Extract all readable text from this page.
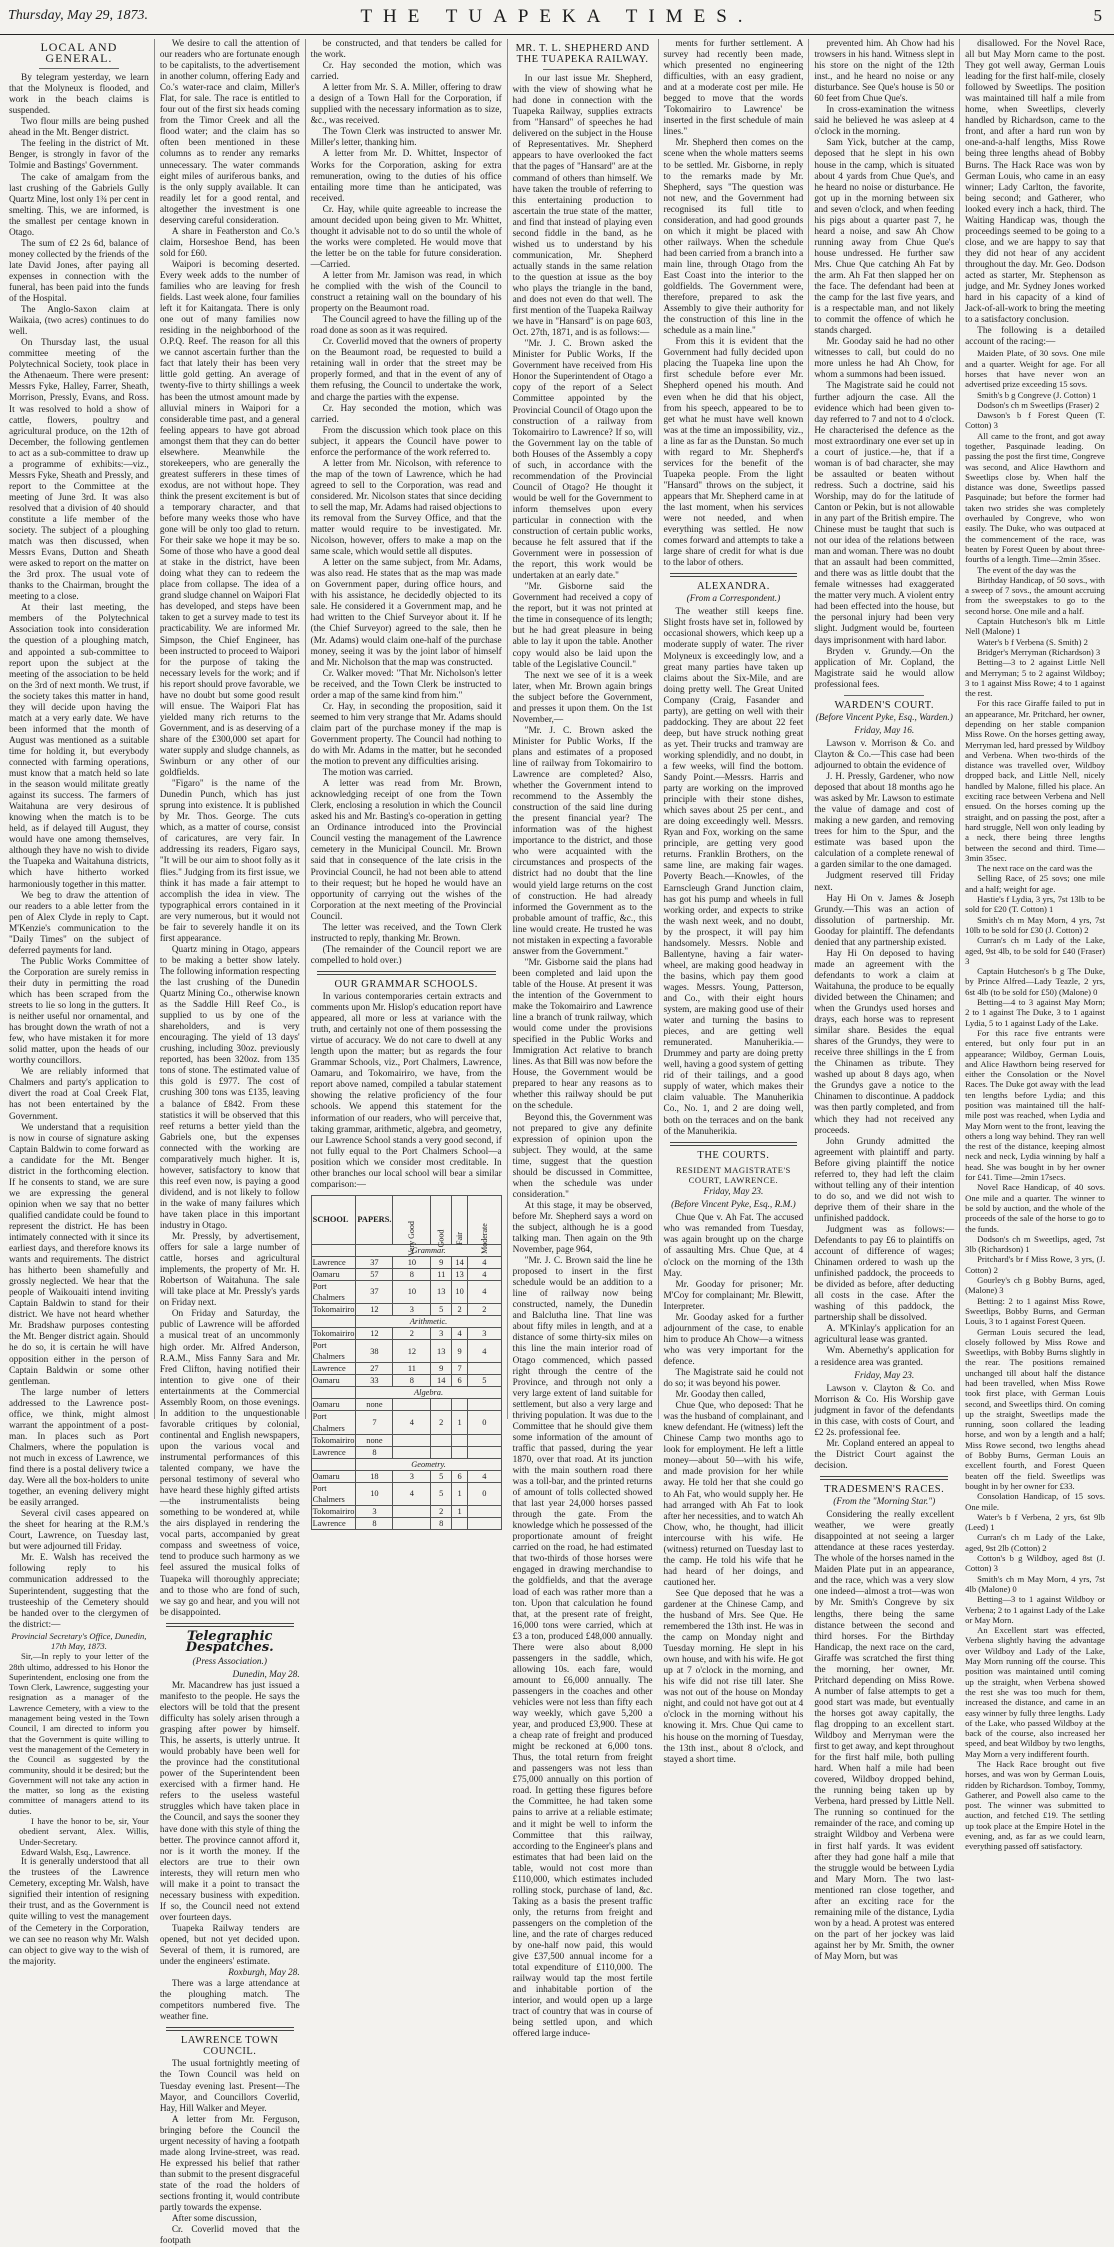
Thursday, May 29, 1873.	THE TUAPEKA TIMES.	5
LOCAL AND GENERAL.

By telegram yesterday, we learn that the Molyneux is flooded, and work in the beach claims is suspended.

Two flour mills are being pushed ahead in the Mt. Benger district.

The feeling in the district of Mt. Benger, is strongly in favor of the Tolmie and Bastings' Government.

The cake of amalgam from the last crushing of the Gabriels Gully Quartz Mine, lost only 1¾ per cent in smelting. This, we are informed, is the smallest per centage known in Otago.

The sum of £2 2s 6d, balance of money collected by the friends of the late David Jones, after paying all expenses in connection with the funeral, has been paid into the funds of the Hospital.

The Anglo-Saxon claim at Waikaia, (two acres) continues to do well.

On Thursday last, the usual committee meeting of the Polytechnical Society, took place in the Athenaeum. There were present: Messrs Fyke, Halley, Farrer, Sheath, Morrison, Pressly, Evans, and Ross. It was resolved to hold a show of cattle, flowers, poultry and agricultural produce, on the 12th of December, the following gentlemen to act as a sub-committee to draw up a programme of exhibits:—viz., Messrs Fyke, Sheath and Pressly, and report to the Committee at the meeting of June 3rd. It was also resolved that a division of 40 should constitute a life member of the society. The subject of a ploughing match was then discussed, when Messrs Evans, Dutton and Sheath were asked to report on the matter on the 3rd prox. The usual vote of thanks to the Chairman, brought the meeting to a close.

At their last meeting, the members of the Polytechnical Association took into consideration the question of a ploughing match, and appointed a sub-committee to report upon the subject at the meeting of the association to be held on the 3rd of next month. We trust, if the society takes this matter in hand, they will decide upon having the match at a very early date. We have been informed that the month of August was mentioned as a suitable time for holding it, but everybody connected with farming operations, must know that a match held so late in the season would militate greatly against its success. The farmers of Waitahuna are very desirous of knowing when the match is to be held, as if delayed till August, they would have one among themselves, although they have no wish to divide the Tuapeka and Waitahuna districts, which have hitherto worked harmoniously together in this matter.

We beg to draw the attention of our readers to a able letter from the pen of Alex Clyde in reply to Capt. M'Kenzie's communication to the "Daily Times" on the subject of deferred payments for land.

The Public Works Committee of the Corporation are surely remiss in their duty in permitting the road which has been scraped from the streets to lie so long in the gutters. It is neither useful nor ornamental, and has brought down the wrath of not a few, who have mistaken it for more solid matter, upon the heads of our worthy councillors.

We are reliably informed that Chalmers and party's application to divert the road at Coal Creek Flat, has not been entertained by the Government.

We understand that a requisition is now in course of signature asking Captain Baldwin to come forward as a candidate for the Mt. Benger district in the forthcoming election. If he consents to stand, we are sure we are expressing the general opinion when we say that no better qualified candidate could be found to represent the district. He has been intimately connected with it since its earliest days, and therefore knows its wants and requirements. The district has hitherto been shamefully and grossly neglected. We hear that the people of Waikouaiti intend inviting Captain Baldwin to stand for their district. We have not heard whether Mr. Bradshaw purposes contesting the Mt. Benger district again. Should he do so, it is certain he will have opposition either in the person of Captain Baldwin or some other gentleman.

The large number of letters addressed to the Lawrence post-office, we think, might almost warrant the appointment of a post-man. In places such as Port Chalmers, where the population is not much in excess of Lawrence, we find there is a postal delivery twice a day. Were all the box-holders to unite together, an evening delivery might be easily arranged.

Several civil cases appeared on the sheet for hearing at the R.M.'s Court, Lawrence, on Tuesday last, but were adjourned till Friday.

Mr. E. Walsh has received the following reply to his communication addressed to the Superintendent, suggesting that the trusteeship of the Cemetery should be handed over to the clergymen of the district:—

Provincial Secretary's Office, Dunedin, 17th May, 1873.

Sir,—In reply to your letter of the 28th ultimo, addressed to his Honor the Superintendent, enclosing one from the Town Clerk, Lawrence, suggesting your resignation as a manager of the Lawrence Cemetery, with a view to the management being vested in the Town Council, I am directed to inform you that the Government is quite willing to vest the management of the Cemetery in the Council as suggested by the community, should it be desired; but the Government will not take any action in the matter, so long as the existing committee of managers attend to its duties.

I have the honor to be, sir, Your obedient servant, Alex. Willis, Under-Secretary.

Edward Walsh, Esq., Lawrence.

It is generally understood that all the trustees of the Lawrence Cemetery, excepting Mr. Walsh, have signified their intention of resigning their trust, and as the Government is quite willing to vest the management of the Cemetery in the Corporation, we can see no reason why Mr. Walsh can object to give way to the wish of the majority.

We desire to call the attention of our readers who are fortunate enough to be capitalists, to the advertisement in another column, offering Eady and Co.'s water-race and claim, Miller's Flat, for sale. The race is entitled to four out of the first six heads coming from the Timor Creek and all the flood water; and the claim has so often been mentioned in these columns as to render any remarks unnecessary. The water commands eight miles of auriferous banks, and is the only supply available. It can readily let for a good rental, and altogether the investment is one deserving careful consideration.

A share in Featherston and Co.'s claim, Horseshoe Bend, has been sold for £60.

Waipori is becoming deserted. Every week adds to the number of families who are leaving for fresh fields. Last week alone, four families left it for Kaitangata. There is only one out of many families now residing in the neighborhood of the O.P.Q. Reef. The reason for all this we cannot ascertain further than the fact that lately their has been very little gold getting. An average of twenty-five to thirty shillings a week has been the utmost amount made by alluvial miners in Waipori for a considerable time past, and a general feeling appears to have got abroad amongst them that they can do better elsewhere. Meanwhile the storekeepers, who are generally the greatest sufferers in these times of exodus, are not without hope. They think the present excitement is but of a temporary character, and that before many weeks those who have gone will be only too glad to return. For their sake we hope it may be so. Some of those who have a good deal at stake in the district, have been doing what they can to redeem the place from collapse. The idea of a grand sludge channel on Waipori Flat has developed, and steps have been taken to get a survey made to test its practicability. We are informed Mr. Simpson, the Chief Engineer, has been instructed to proceed to Waipori for the purpose of taking the necessary levels for the work; and if his report should prove favorable, we have no doubt but some good result will ensue. The Waipori Flat has yielded many rich returns to the Government, and is as deserving of a share of the £300,000 set apart for water supply and sludge channels, as Swinburn or any other of our goldfields.

"Figaro" is the name of the Dunedin Punch, which has just sprung into existence. It is published by Mr. Thos. George. The cuts which, as a matter of course, consist of caricatures, are very fair. In addressing its readers, Figaro says, "It will be our aim to shoot folly as it flies." Judging from its first issue, we think it has made a fair attempt to accomplish the idea in view. The typographical errors contained in it are very numerous, but it would not be fair to severely handle it on its first appearance.

Quartz mining in Otago, appears to be making a better show lately. The following information respecting the last crushing of the Dunedin Quartz Mining Co., otherwise known as the Saddle Hill Reef Co., is supplied to us by one of the shareholders, and is very encouraging. The yield of 13 days' crushing, including 30oz. previously reported, has been 320oz. from 135 tons of stone. The estimated value of this gold is £977. The cost of crushing 300 tons was £135, leaving a balance of £842. From these statistics it will be observed that this reef returns a better yield than the Gabriels one, but the expenses connected with the working are comparatively much higher. It is, however, satisfactory to know that this reef even now, is paying a good dividend, and is not likely to follow in the wake of many failures which have taken place in this important industry in Otago.

Mr. Pressly, by advertisement, offers for sale a large number of cattle, horses and agricultural implements, the property of Mr. H. Robertson of Waitahuna. The sale will take place at Mr. Pressly's yards on Friday next.

On Friday and Saturday, the public of Lawrence will be afforded a musical treat of an uncommonly high order. Mr. Alfred Anderson, R.A.M., Miss Fanny Sara and Mr. Fred Clifton, having notified their intention to give one of their entertainments at the Commercial Assembly Room, on those evenings. In addition to the unquestionable favorable critiques by colonial, continental and English newspapers, upon the various vocal and instrumental performances of this talented company, we have the personal testimony of several who have heard these highly gifted artists—the instrumentalists being something to be wondered at, while the airs displayed in rendering the vocal parts, accompanied by great compass and sweetness of voice, tend to produce such harmony as we feel assured the musical folks of Tuapeka will thoroughly appreciate; and to those who are fond of such, we say go and hear, and you will not be disappointed.

Telegraphic Despatches.
(Press Association.)

Dunedin, May 28.

Mr. Macandrew has just issued a manifesto to the people. He says the electors will be told that the present difficulty has solely arisen through a grasping after power by himself. This, he asserts, is utterly untrue. It would probably have been well for the province had the constitutional power of the Superintendent been exercised with a firmer hand. He refers to the useless wasteful struggles which have taken place in the Council, and says the sooner they have done with this style of thing the better. The province cannot afford it, nor is it worth the money. If the electors are true to their own interests, they will return men who will make it a point to transact the necessary business with expedition. If so, the Council need not extend over fourteen days.

Tuapeka Railway tenders are opened, but not yet decided upon. Several of them, it is rumored, are under the engineers' estimate.

Roxburgh, May 28.

There was a large attendance at the ploughing match. The competitors numbered five. The weather fine.

LAWRENCE TOWN COUNCIL.

The usual fortnightly meeting of the Town Council was held on Tuesday evening last. Present—The Mayor, and Councillors Coverlid, Hay, Hill Walker and Meyer.

A letter from Mr. Ferguson, bringing before the Council the urgent necessity of having a footpath made along Irvine-street, was read. He expressed his belief that rather than submit to the present disgraceful state of the road the holders of sections fronting it, would contribute partly towards the expense.

After some discussion,

Cr. Coverlid moved that the footpath

be constructed, and that tenders be called for the work.

Cr. Hay seconded the motion, which was carried.

A letter from Mr. S. A. Miller, offering to draw a design of a Town Hall for the Corporation, if supplied with the necessary information as to size, &c., was received.

The Town Clerk was instructed to answer Mr. Miller's letter, thanking him.

A letter from Mr. D. Whittet, Inspector of Works for the Corporation, asking for extra remuneration, owing to the duties of his office entailing more time than he anticipated, was received.

Cr. Hay, while quite agreeable to increase the amount decided upon being given to Mr. Whittet, thought it advisable not to do so until the whole of the works were completed. He would move that the letter be on the table for future consideration.—Carried.

A letter from Mr. Jamison was read, in which he complied with the wish of the Council to construct a retaining wall on the boundary of his property on the Beaumont road.

The Council agreed to have the filling up of the road done as soon as it was required.

Cr. Coverlid moved that the owners of property on the Beaumont road, be requested to build a retaining wall in order that the street may be properly formed, and that in the event of any of them refusing, the Council to undertake the work, and charge the parties with the expense.

Cr. Hay seconded the motion, which was carried.

From the discussion which took place on this subject, it appears the Council have power to enforce the performance of the work referred to.

A letter from Mr. Nicolson, with reference to the map of the town of Lawrence, which he had agreed to sell to the Corporation, was read and considered. Mr. Nicolson states that since deciding to sell the map, Mr. Adams had raised objections to its removal from the Survey Office, and that the matter would require to be investigated. Mr. Nicolson, however, offers to make a map on the same scale, which would settle all disputes.

A letter on the same subject, from Mr. Adams, was also read. He states that as the map was made on Government paper, during office hours, and with his assistance, he decidedly objected to its sale. He considered it a Government map, and he had written to the Chief Surveyor about it. If he (the Chief Surveyor) agreed to the sale, then he (Mr. Adams) would claim one-half of the purchase money, seeing it was by the joint labor of himself and Mr. Nicholson that the map was constructed.

Cr. Walker moved: "That Mr. Nicholson's letter be received, and the Town Clerk be instructed to order a map of the same kind from him."

Cr. Hay, in seconding the proposition, said it seemed to him very strange that Mr. Adams should claim part of the purchase money if the map is Government property. The Council had nothing to do with Mr. Adams in the matter, but he seconded the motion to prevent any difficulties arising.

The motion was carried.

A letter was read from Mr. Brown, acknowledging receipt of one from the Town Clerk, enclosing a resolution in which the Council asked his and Mr. Basting's co-operation in getting an Ordinance introduced into the Provincial Council vesting the management of the Lawrence cemetery in the Municipal Council. Mr. Brown said that in consequence of the late crisis in the Provincial Council, he had not been able to attend to their request; but he hoped he would have an opportunity of carrying out the wishes of the Corporation at the next meeting of the Provincial Council.

The letter was received, and the Town Clerk instructed to reply, thanking Mr. Brown.

(The remainder of the Council report we are compelled to hold over.)

OUR GRAMMAR SCHOOLS.

In various contemporaries certain extracts and comments upon Mr. Hislop's education report have appeared, all more or less at variance with the truth, and certainly not one of them possessing the virtue of accuracy. We do not care to dwell at any length upon the matter; but as regards the four Grammar Schools, viz., Port Chalmers, Lawrence, Oamaru, and Tokomairiro, we have, from the report above named, compiled a tabular statement showing the relative proficiency of the four schools. We append this statement for the information of our readers, who will perceive that, taking grammar, arithmetic, algebra, and geometry, our Lawrence School stands a very good second, if not fully equal to the Port Chalmers School—a position which we consider most creditable. In other branches our local school will bear a similar comparison:—

SCHOOL	PAPERS.	Very Good	Good	Fair	Moderate
	Grammar.				
Lawrence	37	10	9	14	4
Oamaru	57	8	11	13	4
Port Chalmers	37	10	13	10	4
Tokomairiro	12	3	5	2	2
	Arithmetic.				
Tokomairiro	12	2	3	4	3
Port Chalmers	38	12	13	9	4
Lawrence	27	11	9	7	
Oamaru	33	8	14	6	5
	Algebra.				
Oamaru	none				
Port Chalmers	7	4	2	1	0
Tokomairiro	none				
Lawrence	8				
	Geometry.				
Oamaru	18	3	5	6	4
Port Chalmers	10	4	5	1	0
Tokomairiro	3		2	1	
Lawrence	8		8		
MR. T. L. SHEPHERD AND THE TUAPEKA RAILWAY.

In our last issue Mr. Shepherd, with the view of showing what he had done in connection with the Tuapeka Railway, supplies extracts from "Hansard" of speeches he had delivered on the subject in the House of Representatives. Mr. Shepherd appears to have overlooked the fact that the pages of "Hansard" are at the command of others than himself. We have taken the trouble of referring to this entertaining production to ascertain the true state of the matter, and find that instead of playing even second fiddle in the band, as he wished us to understand by his communication, Mr. Shepherd actually stands in the same relation to the question at issue as the boy who plays the triangle in the band, and does not even do that well. The first mention of the Tuapeka Railway we have in "Hansard" is on page 603, Oct. 27th, 1871, and is as follows:—

"Mr. J. C. Brown asked the Minister for Public Works, If the Government have received from His Honor the Superintendent of Otago a copy of the report of a Select Committee appointed by the Provincial Council of Otago upon the construction of a railway from Tokomairiro to Lawrence? If so, will the Government lay on the table of both Houses of the Assembly a copy of such, in accordance with the recommendation of the Provincial Council of Otago? He thought it would be well for the Government to inform themselves upon every particular in connection with the construction of certain public works, because he felt assured that if the Government were in possession of the report, this work would be undertaken at an early date."

"Mr. Gisborne said the Government had received a copy of the report, but it was not printed at the time in consequence of its length; but he had great pleasure in being able to lay it upon the table. Another copy would also be laid upon the table of the Legislative Council."

The next we see of it is a week later, when Mr. Brown again brings the subject before the Government, and presses it upon them. On the 1st November,—

"Mr. J. C. Brown asked the Minister for Public Works, If the plans and estimates of a proposed line of railway from Tokomairiro to Lawrence are completed? Also, whether the Government intend to recommend to the Assembly the construction of the said line during the present financial year? The information was of the highest importance to the district, and those who were acquainted with the circumstances and prospects of the district had no doubt that the line would yield large returns on the cost of construction. He had already informed the Government as to the probable amount of traffic, &c., this line would create. He trusted he was not mistaken in expecting a favorable answer from the Government."

"Mr. Gisborne said the plans had been completed and laid upon the table of the House. At present it was the intention of the Government to make the Tokomairiro and Lawrence line a branch of trunk railway, which would come under the provisions specified in the Public Works and Immigration Act relative to branch lines. As that Bill was now before the House, the Government would be prepared to hear any reasons as to whether this railway should be put on the schedule.

Beyond this, the Government was not prepared to give any definite expression of opinion upon the subject. They would, at the same time, suggest that the question should be discussed in Committee, when the schedule was under consideration."

At this stage, it may be observed, before Mr. Shepherd says a word on the subject, although he is a good talking man. Then again on the 9th November, page 964,

"Mr. J. C. Brown said the line he proposed to insert in the first schedule would be an addition to a line of railway now being constructed, namely, the Dunedin and Balclutha line. That line was about fifty miles in length, and at a distance of some thirty-six miles on this line the main interior road of Otago commenced, which passed right through the centre of the Province, and through not only a very large extent of land suitable for settlement, but also a very large and thriving population. It was due to the Committee that he should give them some information of the amount of traffic that passed, during the year 1870, over that road. At its junction with the main southern road there was a toll-bar, and the printed returns of amount of tolls collected showed that last year 24,000 horses passed through the gate. From the knowledge which he possessed of the proportionate amount of freight carried on the road, he had estimated that two-thirds of those horses were engaged in drawing merchandise to the goldfields, and that the average load of each was rather more than a ton. Upon that calculation he found that, at the present rate of freight, 16,000 tons were carried, which at £3 a ton, produced £48,000 annually. There were also about 8,000 passengers in the saddle, which, allowing 10s. each fare, would amount to £6,000 annually. The passengers in the coaches and other vehicles were not less than fifty each way weekly, which gave 5,200 a year, and produced £3,900. These at a cheap rate of freight and produced might be reckoned at 6,000 tons. Thus, the total return from freight and passengers was not less than £75,000 annually on this portion of road. In getting these figures before the Committee, he had taken some pains to arrive at a reliable estimate; and it might be well to inform the Committee that this railway, according to the Engineer's plans and estimates that had been laid on the table, would not cost more than £110,000, which estimates included rolling stock, purchase of land, &c. Taking as a basis the present traffic only, the returns from freight and passengers on the completion of the line, and the rate of charges reduced by one-half now paid, this would give £37,500 annual income for a total expenditure of £110,000. The railway would tap the most fertile and inhabitable portion of the interior, and would open up a large tract of country that was in course of being settled upon, and which offered large induce-

ments for further settlement. A survey had recently been made, which presented no engineering difficulties, with an easy gradient, and at a moderate cost per mile. He begged to move that the words 'Tokomairiro to Lawrence' be inserted in the first schedule of main lines."

Mr. Shepherd then comes on the scene when the whole matters seems to be settled. Mr. Gisborne, in reply to the remarks made by Mr. Shepherd, says "The question was not new, and the Government had recognised its full title to consideration, and had good grounds on which it might be placed with other railways. When the schedule had been carried from a branch into a main line, through Otago from the East Coast into the interior to the goldfields. The Government were, therefore, prepared to ask the Assembly to give their authority for the construction of this line in the schedule as a main line."

From this it is evident that the Government had fully decided upon placing the Tuapeka line upon the first schedule before ever Mr. Shepherd opened his mouth. And even when he did that his object, from his speech, appeared to be to get what he must have well known was at the time an impossibility, viz., a line as far as the Dunstan. So much with regard to Mr. Shepherd's services for the benefit of the Tuapeka people. From the light "Hansard" throws on the subject, it appears that Mr. Shepherd came in at the last moment, when his services were not needed, and when everything was settled. He now comes forward and attempts to take a large share of credit for what is due to the labor of others.

ALEXANDRA.
(From a Correspondent.)

The weather still keeps fine. Slight frosts have set in, followed by occasional showers, which keep up a moderate supply of water. The river Molyneux is exceedingly low, and a great many parties have taken up claims about the Six-Mile, and are doing pretty well. The Great United Company (Craig, Fasander and party), are getting on well with their paddocking. They are about 22 feet deep, but have struck nothing great as yet. Their trucks and tramway are working splendidly, and no doubt, in a few weeks, will find the bottom. Sandy Point.—Messrs. Harris and party are working on the improved principle with their stone dishes, which saves about 25 per cent., and are doing exceedingly well. Messrs. Ryan and Fox, working on the same principle, are getting very good returns. Franklin Brothers, on the same line, are making fair wages. Poverty Beach.—Knowles, of the Earnscleugh Grand Junction claim, has got his pump and wheels in full working order, and expects to strike the wash next week, and no doubt, by the prospect, it will pay him handsomely. Messrs. Noble and Ballentyne, having a fair water-wheel, are making good headway in the basins, which pay them good wages. Messrs. Young, Patterson, and Co., with their eight hours system, are making good use of their water and turning the basins to pieces, and are getting well remunerated. Manuherikia.—Drummey and party are doing pretty well, having a good system of getting rid of their tailings, and a good supply of water, which makes their claim valuable. The Manuherikia Co., No. 1, and 2 are doing well, both on the terraces and on the bank of the Manuherikia.

THE COURTS.
RESIDENT MAGISTRATE'S COURT, LAWRENCE.
Friday, May 23.
(Before Vincent Pyke, Esq., R.M.)

Chue Que v. Ah Fat. The accused who was remanded from Tuesday, was again brought up on the charge of assaulting Mrs. Chue Que, at 4 o'clock on the morning of the 13th May.

Mr. Gooday for prisoner; Mr. M'Coy for complainant; Mr. Blewitt, Interpreter.

Mr. Gooday asked for a further adjournment of the case, to enable him to produce Ah Chow—a witness who was very important for the defence.

The Magistrate said he could not do so; it was beyond his power.

Mr. Gooday then called,

Chue Que, who deposed: That he was the husband of complainant, and knew defendant. He (witness) left the Chinese Camp two months ago to look for employment. He left a little money—about 50—with his wife, and made provision for her while away. He told her that she could go to Ah Fat, who would supply her. He had arranged with Ah Fat to look after her necessities, and to watch Ah Chow, who, he thought, had illicit intercourse with his wife. He (witness) returned on Tuesday last to the camp. He told his wife that he had heard of her doings, and cautioned her.

See Que deposed that he was a gardener at the Chinese Camp, and the husband of Mrs. See Que. He remembered the 13th inst. He was in the camp on Monday night and Tuesday morning. He slept in his own house, and with his wife. He got up at 7 o'clock in the morning, and his wife did not rise till later. She was not out of the house on Monday night, and could not have got out at 4 o'clock in the morning without his knowing it. Mrs. Chue Qui came to his house on the morning of Tuesday, the 13th inst., about 8 o'clock, and stayed a short time.

prevented him. Ah Chow had his trowsers in his hand. Witness slept in his store on the night of the 12th inst., and he heard no noise or any disturbance. See Que's house is 50 or 60 feet from Chue Que's.

In cross-examination the witness said he believed he was asleep at 4 o'clock in the morning.

Sam Yick, butcher at the camp, deposed that he slept in his own house in the camp, which is situated about 4 yards from Chue Que's, and he heard no noise or disturbance. He got up in the morning between six and seven o'clock, and when feeding his pigs about a quarter past 7, he heard a noise, and saw Ah Chow running away from Chue Que's house undressed. He further saw Mrs. Chue Que catching Ah Fat by the arm. Ah Fat then slapped her on the face. The defendant had been at the camp for the last five years, and is a respectable man, and not likely to commit the offence of which he stands charged.

Mr. Gooday said he had no other witnesses to call, but could do no more unless he had Ah Chow, for whom a summons had been issued.

The Magistrate said he could not further adjourn the case. All the evidence which had been given to-day referred to 7 and not to 4 o'clock. He characterised the defence as the most extraordinary one ever set up in a court of justice.—he, that if a woman is of bad character, she may be assaulted or beaten without redress. Such a doctrine, said his Worship, may do for the latitude of Canton or Pekin, but is not allowable in any part of the British empire. The Chinese must be taught that such is not our idea of the relations between man and woman. There was no doubt that an assault had been committed, and there was as little doubt that the female witnesses had exaggerated the matter very much. A violent entry had been effected into the house, but the personal injury had been very slight. Judgment would be, fourteen days imprisonment with hard labor.

Bryden v. Grundy.—On the application of Mr. Copland, the Magistrate said he would allow professional fees.

WARDEN'S COURT.
(Before Vincent Pyke, Esq., Warden.)
Friday, May 16.

Lawson v. Morrison & Co. and Clayton & Co.—This case had been adjourned to obtain the evidence of

J. H. Pressly, Gardener, who now deposed that about 18 months ago he was asked by Mr. Lawson to estimate the value of damage and cost of making a new garden, and removing trees for him to the Spur, and the estimate was based upon the calculation of a complete renewal of a garden similar to the one damaged.

Judgment reserved till Friday next.

Hay Hi On v. James & Joseph Grundy.—This was an action of dissolution of partnership. Mr. Gooday for plaintiff. The defendants denied that any partnership existed.

Hay Hi On deposed to having made an agreement with the defendants to work a claim at Waitahuna, the produce to be equally divided between the Chinamen; and when the Grundys used horses and drays, each horse was to represent similar share. Besides the equal shares of the Grundys, they were to receive three shillings in the £ from the Chinamen as tribute. They washed up about 8 days ago, when the Grundys gave a notice to the Chinamen to discontinue. A paddock was then partly completed, and from which they had not received any proceeds.

John Grundy admitted the agreement with plaintiff and party. Before giving plaintiff the notice referred to, they had left the claim without telling any of their intention to do so, and we did not wish to deprive them of their share in the unfinished paddock.

Judgment was as follows:—Defendants to pay £6 to plaintiffs on account of difference of wages; Chinamen ordered to wash up the unfinished paddock, the proceeds to be divided as before, after deducting all costs in the case. After the washing of this paddock, the partnership shall be dissolved.

A. M'Kinlay's application for an agricultural lease was granted.

Wm. Abernethy's application for a residence area was granted.

Friday, May 23.

Lawson v. Clayton & Co. and Morrison & Co. His Worship gave judgment in favor of the defendants in this case, with costs of Court, and £2 2s. professional fee.

Mr. Copland entered an appeal to the District Court against the decision.

TRADESMEN'S RACES.
(From the "Morning Star.")

Considering the really excellent weather, we were greatly disappointed at not seeing a larger attendance at these races yesterday. The whole of the horses named in the Maiden Plate put in an appearance, and the race, which was a very slow one indeed—almost a trot—was won by Mr. Smith's Congreve by six lengths, there being the same distance between the second and third horses. For the Birthday Handicap, the next race on the card, Giraffe was scratched the first thing the morning, her owner, Mr. Pritchard depending on Miss Rowe. A number of false attempts to get a good start was made, but eventually the horses got away capitally, the flag dropping to an excellent start. Wildboy and Merryman were the first to get away, and kept throughout for the first half mile, both pulling hard. When half a mile had been covered, Wildboy dropped behind, the running being taken up by Verbena, hard pressed by Little Nell. The running so continued for the remainder of the race, and coming up straight Wildboy and Verbena were in first half yards. It was evident after they had gone half a mile that the struggle would be between Lydia and Mary Morn. The two last-mentioned ran close together, and after an exciting race for the remaining mile of the distance, Lydia won by a head. A protest was entered on the part of her jockey was laid against her by Mr. Smith, the owner of May Morn, but was

disallowed. For the Novel Race, all but May Morn came to the post. They got well away, German Louis leading for the first half-mile, closely followed by Sweetlips. The position was maintained till half a mile from home, when Sweetlips, cleverly handled by Richardson, came to the front, and after a hard run won by one-and-a-half lengths, Miss Rowe being three lengths ahead of Bobby Burns. The Hack Race was won by German Louis, who came in an easy winner; Lady Carlton, the favorite, being second; and Gatherer, who looked every inch a hack, third. The Waiting Handicap was, though the proceedings seemed to be going to a close, and we are happy to say that they did not hear of any accident throughout the day. Mr. Geo. Dodson acted as starter, Mr. Stephenson as judge, and Mr. Sydney Jones worked hard in his capacity of a kind of Jack-of-all-work to bring the meeting to a satisfactory conclusion.

The following is a detailed account of the racing:—

Maiden Plate, of 30 sovs. One mile and a quarter. Weight for age. For all horses that have never won an advertised prize exceeding 15 sovs.

Smith's b g Congreve (J. Cotton) 1

Dodson's ch m Sweetlips (Fraser) 2

Dawson's b f Forest Queen (T. Cotton) 3

All came to the front, and got away together, Pasquinade leading. On passing the post the first time, Congreve was second, and Alice Hawthorn and Sweetlips close by. When half the distance was done, Sweetlips passed Pasquinade; but before the former had taken two strides she was completely overhauled by Congreve, who won easily. The Duke, who was outpaced at the commencement of the race, was beaten by Forest Queen by about three-fourths of a length. Time—2min 35sec.

The event of the day was the

Birthday Handicap, of 50 sovs., with a sweep of 7 sovs., the amount accruing from the sweepstakes to go to the second horse. One mile and a half.

Captain Hutcheson's blk m Little Nell (Malone) 1

Water's b f Verbena (S. Smith) 2

Bridger's Merryman (Richardson) 3

Betting—3 to 2 against Little Nell and Merryman; 5 to 2 against Wildboy; 3 to 1 against Miss Rowe; 4 to 1 against the rest.

For this race Giraffe failed to put in an appearance, Mr. Pritchard, her owner, depending on her stable companion Miss Rowe. On the horses getting away, Merryman led, hard pressed by Wildboy and Verbena. When two-thirds of the distance was travelled over, Wildboy dropped back, and Little Nell, nicely handled by Malone, filled his place. An exciting race between Verbena and Nell ensued. On the horses coming up the straight, and on passing the post, after a hard struggle, Nell won only leading by a neck, there being three lengths between the second and third. Time—3min 35sec.

The next race on the card was the

Selling Race, of 25 sovs; one mile and a half; weight for age.

Hastie's f Lydia, 3 yrs, 7st 13lb to be sold for £20 (T. Cotton) 1

Smith's ch m May Morn, 4 yrs, 7st 10lb to be sold for £30 (J. Cotton) 2

Curran's ch m Lady of the Lake, aged, 9st 4lb, to be sold for £40 (Fraser) 3

Captain Hutcheson's b g The Duke, by Prince Alfred—Lady Teazle, 2 yrs, 6st 4lb (to be sold for £50) (Malone) 0

Betting—4 to 3 against May Morn; 2 to 1 against The Duke, 3 to 1 against Lydia, 5 to 1 against Lady of the Lake.

For this race five entrants were entered, but only four put in an appearance; Wildboy, German Louis, and Alice Hawthorn being reserved for either the Consolation or the Novel Races. The Duke got away with the lead ten lengths before Lydia; and this position was maintained till the half-mile post was reached, when Lydia and May Morn went to the front, leaving the others a long way behind. They ran well the rest of the distance, keeping almost neck and neck, Lydia winning by half a head. She was bought in by her owner for £41. Time—2min 17secs.

Novel Race Handicap, of 40 sovs. One mile and a quarter. The winner to be sold by auction, and the whole of the proceeds of the sale of the horse to go to the funds.

Dodson's ch m Sweetlips, aged, 7st 3lb (Richardson) 1

Pritchard's br f Miss Rowe, 3 yrs, (J. Cotton) 2

Gourley's ch g Bobby Burns, aged, (Malone) 3

Betting: 2 to 1 against Miss Rowe, Sweetlips, Bobby Burns, and German Louis, 3 to 1 against Forest Queen.

German Louis secured the lead, closely followed by Miss Rowe and Sweetlips, with Bobby Burns slightly in the rear. The positions remained unchanged till about half the distance had been travelled, when Miss Rowe took first place, with German Louis second, and Sweetlips third. On coming up the straight, Sweetlips made the running, soon collared the leading horse, and won by a length and a half; Miss Rowe second, two lengths ahead of Bobby Burns, German Louis an excellent fourth, and Forest Queen beaten off the field. Sweetlips was bought in by her owner for £33.

Consolation Handicap, of 15 sovs. One mile.

Water's b f Verbena, 2 yrs, 6st 9lb (Leed) 1

Curran's ch m Lady of the Lake, aged, 9st 2lb (Cotton) 2

Cotton's b g Wildboy, aged 8st (J. Cotton) 3

Smith's ch m May Morn, 4 yrs, 7st 4lb (Malone) 0

Betting—3 to 1 against Wildboy or Verbena; 2 to 1 against Lady of the Lake or May Morn.

An Excellent start was effected, Verbena slightly having the advantage over Wildboy and Lady of the Lake, May Morn running off the course. This position was maintained until coming up the straight, when Verbena showed the rest she was too much for them, increased the distance, and came in an easy winner by fully three lengths. Lady of the Lake, who passed Wildboy at the back of the course, also increased her speed, and beat Wildboy by two lengths, May Morn a very indifferent fourth.

The Hack Race brought out five horses, and was won by German Louis, ridden by Richardson. Tomboy, Tommy, Gatherer, and Powell also came to the post. The winner was submitted to auction, and fetched £19. The settling up took place at the Empire Hotel in the evening, and, as far as we could learn, everything passed off satisfactory.
